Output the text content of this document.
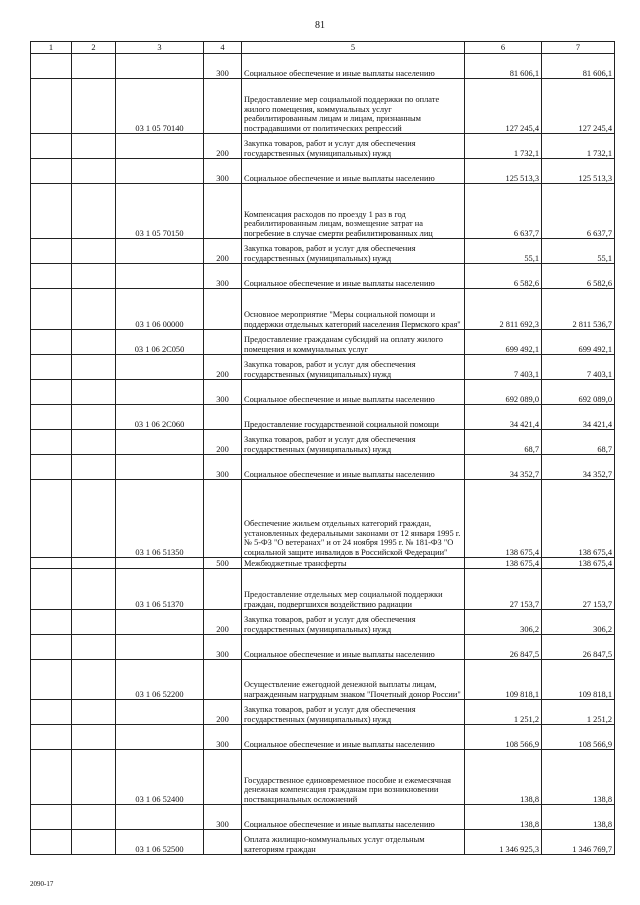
81
1	2	3	4	5	6	7
			300	Социальное обеспечение и иные выплаты населению	81 606,1	81 606,1
		03 1 05 70140		Предоставление мер социальной поддержки по оплате жилого помещения, коммунальных услуг реабилитированным лицам и лицам, признанным пострадавшими от политических репрессий	127 245,4	127 245,4
			200	Закупка товаров, работ и услуг для обеспечения государственных (муниципальных) нужд	1 732,1	1 732,1
			300	Социальное обеспечение и иные выплаты населению	125 513,3	125 513,3
		03 1 05 70150		Компенсация расходов по проезду 1 раз в год реабилитированным лицам, возмещение затрат на погребение в случае смерти реабилитированных лиц	6 637,7	6 637,7
			200	Закупка товаров, работ и услуг для обеспечения государственных (муниципальных) нужд	55,1	55,1
			300	Социальное обеспечение и иные выплаты населению	6 582,6	6 582,6
		03 1 06 00000		Основное мероприятие "Меры социальной помощи и поддержки отдельных категорий населения Пермского края"	2 811 692,3	2 811 536,7
		03 1 06 2С050		Предоставление гражданам субсидий на оплату жилого помещения и коммунальных услуг	699 492,1	699 492,1
			200	Закупка товаров, работ и услуг для обеспечения государственных (муниципальных) нужд	7 403,1	7 403,1
			300	Социальное обеспечение и иные выплаты населению	692 089,0	692 089,0
		03 1 06 2С060		Предоставление государственной социальной помощи	34 421,4	34 421,4
			200	Закупка товаров, работ и услуг для обеспечения государственных (муниципальных) нужд	68,7	68,7
			300	Социальное обеспечение и иные выплаты населению	34 352,7	34 352,7
		03 1 06 51350		Обеспечение жильем отдельных категорий граждан, установленных федеральными законами от 12 января 1995 г. № 5-ФЗ "О ветеранах" и от 24 ноября 1995 г. № 181-ФЗ "О социальной защите инвалидов в Российской Федерации"	138 675,4	138 675,4
			500	Межбюджетные трансферты	138 675,4	138 675,4
		03 1 06 51370		Предоставление отдельных мер социальной поддержки граждан, подвергшихся воздействию радиации	27 153,7	27 153,7
			200	Закупка товаров, работ и услуг для обеспечения государственных (муниципальных) нужд	306,2	306,2
			300	Социальное обеспечение и иные выплаты населению	26 847,5	26 847,5
		03 1 06 52200		Осуществление ежегодной денежной выплаты лицам, награжденным нагрудным знаком "Почетный донор России"	109 818,1	109 818,1
			200	Закупка товаров, работ и услуг для обеспечения государственных (муниципальных) нужд	1 251,2	1 251,2
			300	Социальное обеспечение и иные выплаты населению	108 566,9	108 566,9
		03 1 06 52400		Государственное единовременное пособие и ежемесячная денежная компенсация гражданам при возникновении поствакцинальных осложнений	138,8	138,8
			300	Социальное обеспечение и иные выплаты населению	138,8	138,8
		03 1 06 52500		Оплата жилищно-коммунальных услуг отдельным категориям граждан	1 346 925,3	1 346 769,7
2090-17
